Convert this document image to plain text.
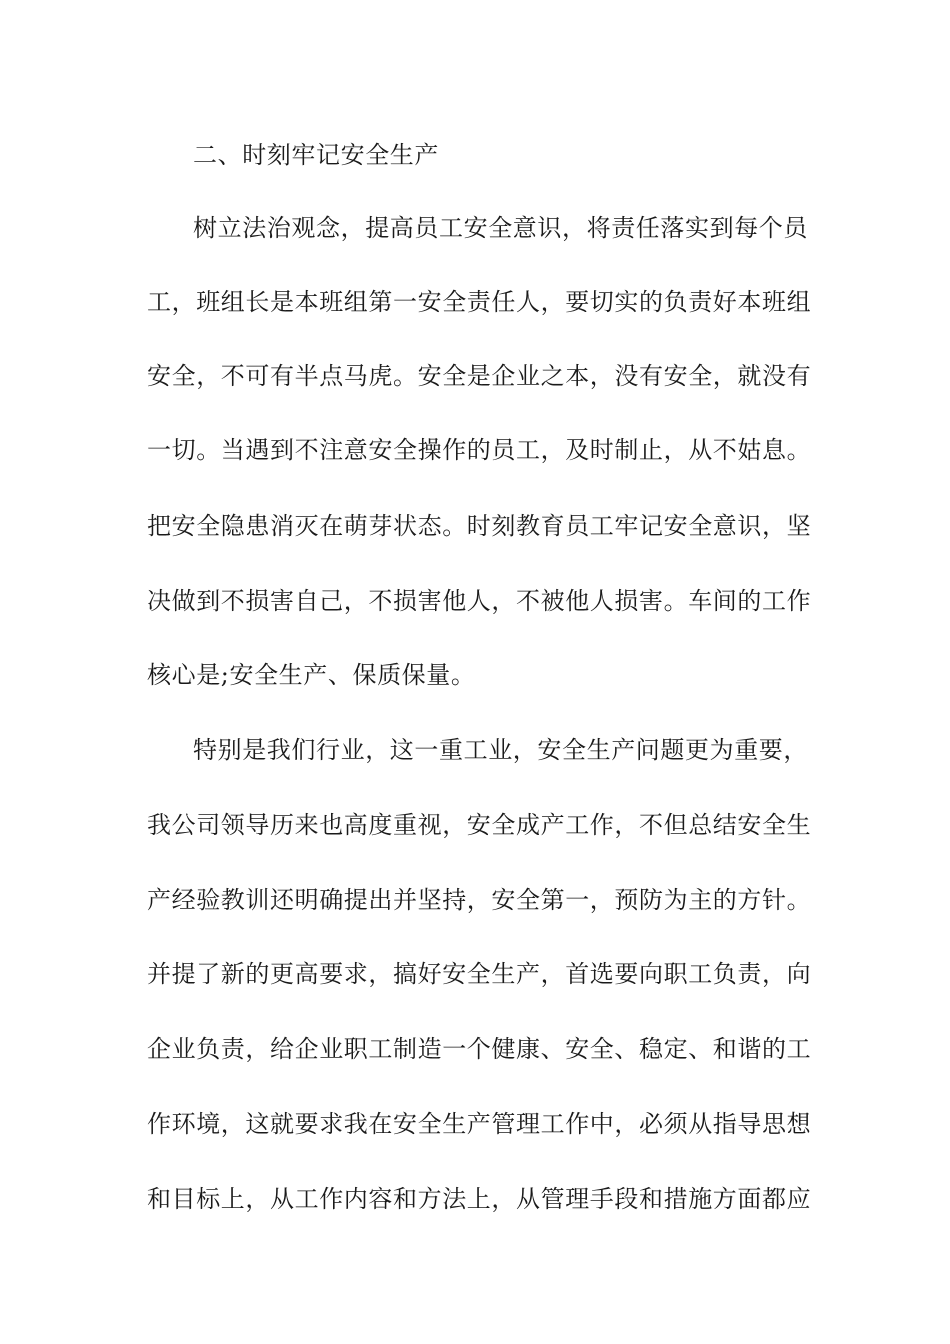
二、时刻牢记安全生产
树立法治观念，提高员工安全意识，将责任落实到每个员
工，班组长是本班组第一安全责任人，要切实的负责好本班组
安全，不可有半点马虎。安全是企业之本，没有安全，就没有
一切。当遇到不注意安全操作的员工，及时制止，从不姑息。
把安全隐患消灭在萌芽状态。时刻教育员工牢记安全意识，坚
决做到不损害自己，不损害他人，不被他人损害。车间的工作
核心是;安全生产、保质保量。
特别是我们行业，这一重工业，安全生产问题更为重要，
我公司领导历来也高度重视，安全成产工作，不但总结安全生
产经验教训还明确提出并坚持，安全第一，预防为主的方针。
并提了新的更高要求，搞好安全生产，首选要向职工负责，向
企业负责，给企业职工制造一个健康、安全、稳定、和谐的工
作环境，这就要求我在安全生产管理工作中，必须从指导思想
和目标上，从工作内容和方法上，从管理手段和措施方面都应
